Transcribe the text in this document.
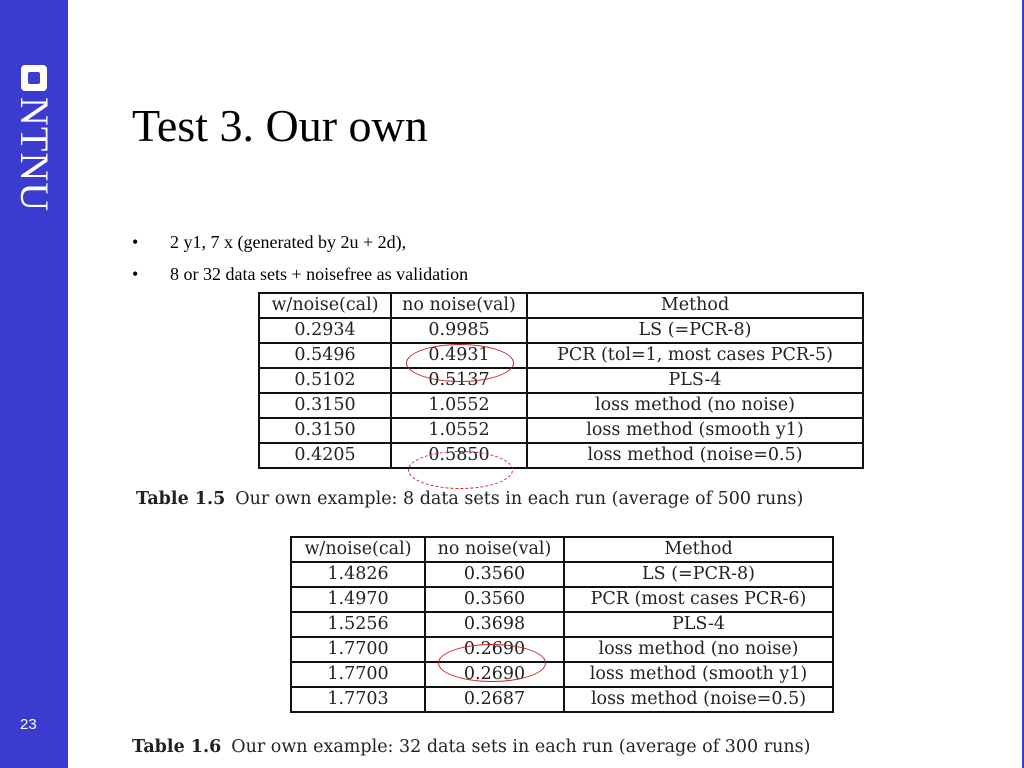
NTNU
23
Test 3. Our own
•	2 y1, 7 x (generated by 2u + 2d),
•	8 or 32 data sets + noisefree as validation
w/noise(cal)	no noise(val)	Method
0.2934	0.9985	LS (=PCR-8)
0.5496	0.4931	PCR (tol=1, most cases PCR-5)
0.5102	0.5137	PLS-4
0.3150	1.0552	loss method (no noise)
0.3150	1.0552	loss method (smooth y1)
0.4205	0.5850	loss method (noise=0.5)
Table 1.5 Our own example: 8 data sets in each run (average of 500 runs)
w/noise(cal)	no noise(val)	Method
1.4826	0.3560	LS (=PCR-8)
1.4970	0.3560	PCR (most cases PCR-6)
1.5256	0.3698	PLS-4
1.7700	0.2690	loss method (no noise)
1.7700	0.2690	loss method (smooth y1)
1.7703	0.2687	loss method (noise=0.5)
Table 1.6 Our own example: 32 data sets in each run (average of 300 runs)
